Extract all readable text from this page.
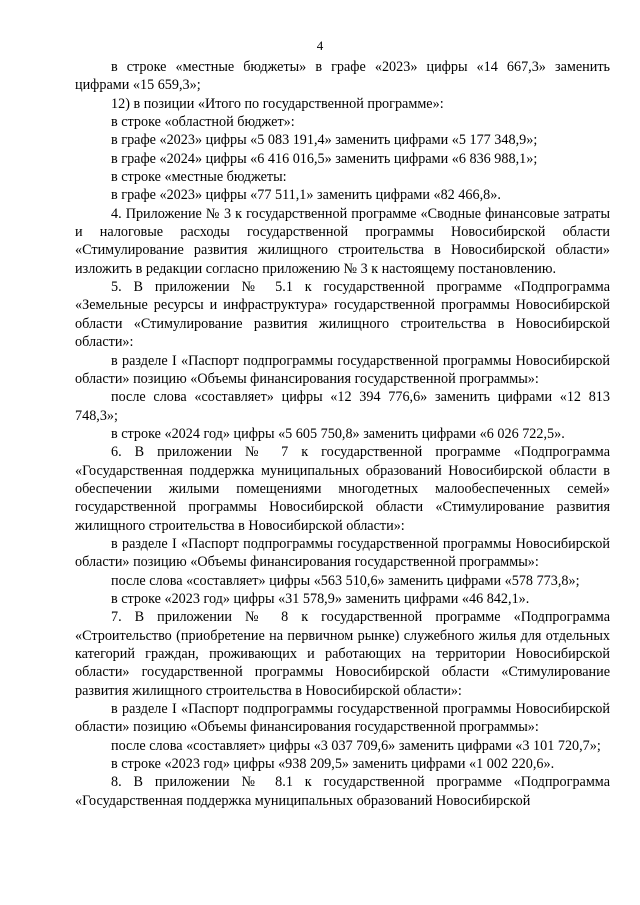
4

в строке «местные бюджеты» в графе «2023» цифры «14 667,3» заменить цифрами «15 659,3»;

12) в позиции «Итого по государственной программе»:

в строке «областной бюджет»:

в графе «2023» цифры «5 083 191,4» заменить цифрами «5 177 348,9»;

в графе «2024» цифры «6 416 016,5» заменить цифрами «6 836 988,1»;

в строке «местные бюджеты:

в графе «2023» цифры «77 511,1» заменить цифрами «82 466,8».

4. Приложение № 3 к государственной программе «Сводные финансовые затраты и налоговые расходы государственной программы Новосибирской области «Стимулирование развития жилищного строительства в Новосибирской области» изложить в редакции согласно приложению № 3 к настоящему постановлению.

5. В приложении № 5.1 к государственной программе «Подпрограмма «Земельные ресурсы и инфраструктура» государственной программы Новосибирской области «Стимулирование развития жилищного строительства в Новосибирской области»:

в разделе I «Паспорт подпрограммы государственной программы Новосибирской области» позицию «Объемы финансирования государственной программы»:

после слова «составляет» цифры «12 394 776,6» заменить цифрами «12 813 748,3»;

в строке «2024 год» цифры «5 605 750,8» заменить цифрами «6 026 722,5».

6. В приложении № 7 к государственной программе «Подпрограмма «Государственная поддержка муниципальных образований Новосибирской области в обеспечении жилыми помещениями многодетных малообеспеченных семей» государственной программы Новосибирской области «Стимулирование развития жилищного строительства в Новосибирской области»:

в разделе I «Паспорт подпрограммы государственной программы Новосибирской области» позицию «Объемы финансирования государственной программы»:

после слова «составляет» цифры «563 510,6» заменить цифрами «578 773,8»;

в строке «2023 год» цифры «31 578,9» заменить цифрами «46 842,1».

7. В приложении № 8 к государственной программе «Подпрограмма «Строительство (приобретение на первичном рынке) служебного жилья для отдельных категорий граждан, проживающих и работающих на территории Новосибирской области» государственной программы Новосибирской области «Стимулирование развития жилищного строительства в Новосибирской области»:

в разделе I «Паспорт подпрограммы государственной программы Новосибирской области» позицию «Объемы финансирования государственной программы»:

после слова «составляет» цифры «3 037 709,6» заменить цифрами «3 101 720,7»;

в строке «2023 год» цифры «938 209,5» заменить цифрами «1 002 220,6».

8. В приложении № 8.1 к государственной программе «Подпрограмма «Государственная поддержка муниципальных образований Новосибирской
